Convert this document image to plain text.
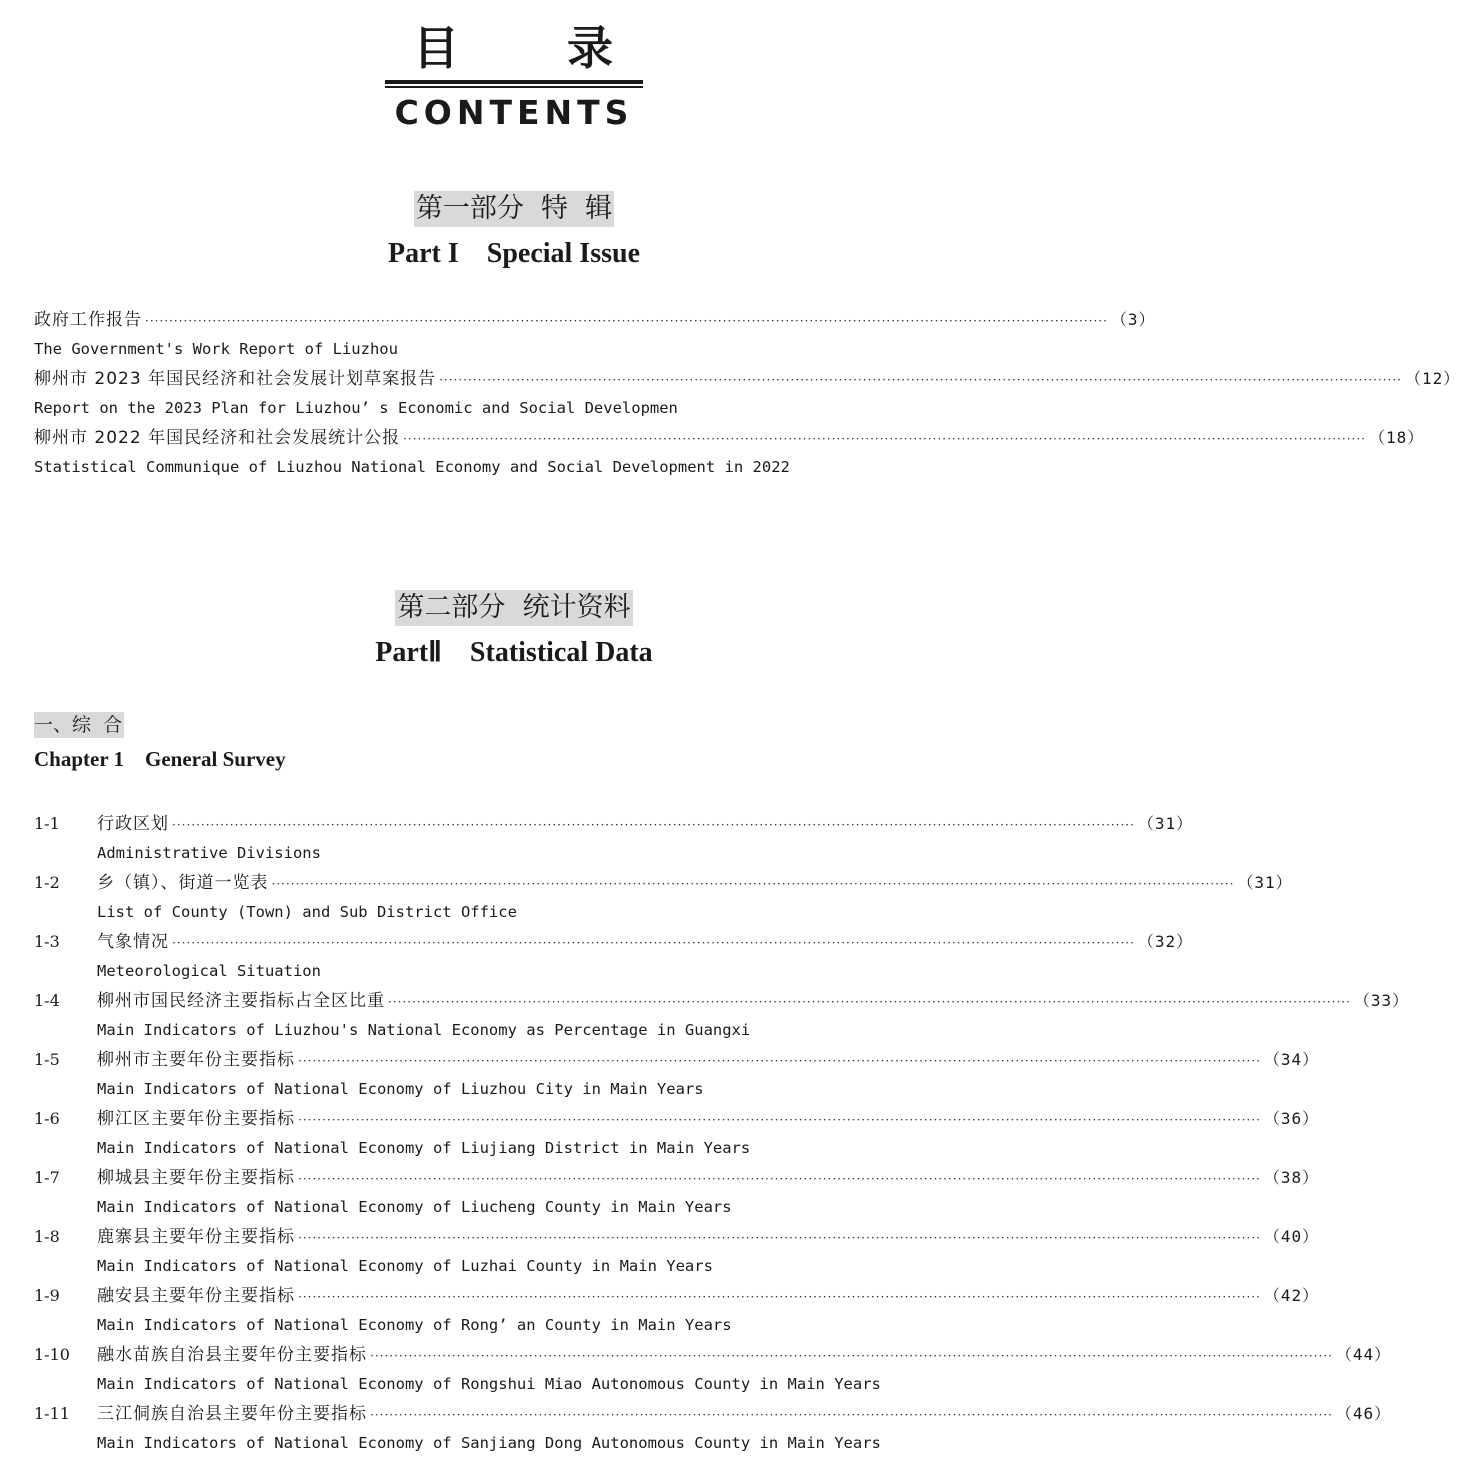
目 录
CONTENTS
第一部分  特  辑
Part I    Special Issue
政府工作报告 ········································································································································································································ （3）
The Government's Work Report of Liuzhou
柳州市 2023 年国民经济和社会发展计划草案报告 ········································································································································································································ （12）
Report on the 2023 Plan for Liuzhou’ s Economic and Social Developmen
柳州市 2022 年国民经济和社会发展统计公报 ········································································································································································································ （18）
Statistical Communique of Liuzhou National Economy and Social Development in 2022
第二部分  统计资料
PartⅡ    Statistical Data
一、综  合
Chapter 1    General Survey
1-1	行政区划 ········································································································································································································ （31）
Administrative Divisions
1-2	乡（镇）、街道一览表 ········································································································································································································ （31）
List of County (Town) and Sub District Office
1-3	气象情况 ········································································································································································································ （32）
Meteorological Situation
1-4	柳州市国民经济主要指标占全区比重 ········································································································································································································ （33）
Main Indicators of Liuzhou's National Economy as Percentage in Guangxi
1-5	柳州市主要年份主要指标 ········································································································································································································ （34）
Main Indicators of National Economy of Liuzhou City in Main Years
1-6	柳江区主要年份主要指标 ········································································································································································································ （36）
Main Indicators of National Economy of Liujiang District in Main Years
1-7	柳城县主要年份主要指标 ········································································································································································································ （38）
Main Indicators of National Economy of Liucheng County in Main Years
1-8	鹿寨县主要年份主要指标 ········································································································································································································ （40）
Main Indicators of National Economy of Luzhai County in Main Years
1-9	融安县主要年份主要指标 ········································································································································································································ （42）
Main Indicators of National Economy of Rong’ an County in Main Years
1-10	融水苗族自治县主要年份主要指标 ········································································································································································································ （44）
Main Indicators of National Economy of Rongshui Miao Autonomous County in Main Years
1-11	三江侗族自治县主要年份主要指标 ········································································································································································································ （46）
Main Indicators of National Economy of Sanjiang Dong Autonomous County in Main Years
